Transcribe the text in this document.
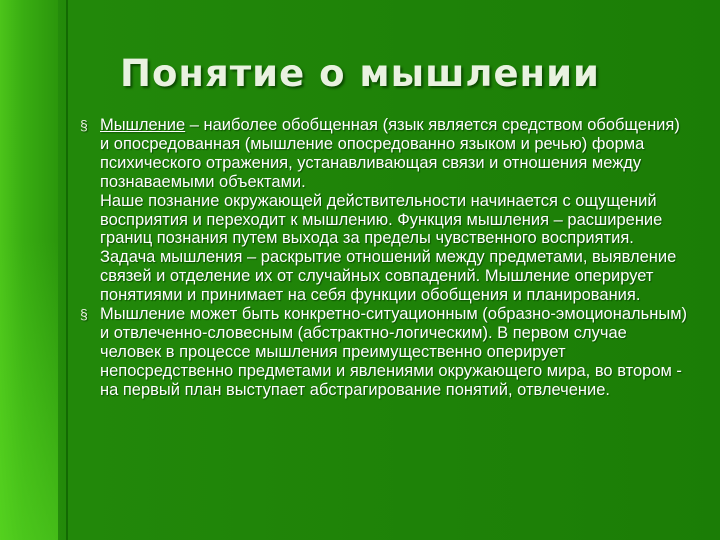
Понятие о мышлении
§ Мышление – наиболее обобщенная (язык является средством обобщения) и опосредованная (мышление опосредованно языком и речью) форма психического отражения, устанавливающая связи и отношения между познаваемыми объектами.
Наше познание окружающей действительности начинается с ощущений восприятия и переходит к мышлению. Функция мышления – расширение границ познания путем выхода за пределы чувственного восприятия. Задача мышления – раскрытие отношений между предметами, выявление связей и отделение их от случайных совпадений. Мышление оперирует понятиями и принимает на себя функции обобщения и планирования.
§ Мышление может быть конкретно-ситуационным (образно-эмоциональным) и отвлеченно-словесным (абстрактно-логическим). В первом случае человек в процессе мышления преимущественно оперирует непосредственно предметами и явлениями окружающего мира, во втором - на первый план выступает абстрагирование понятий, отвлечение.
